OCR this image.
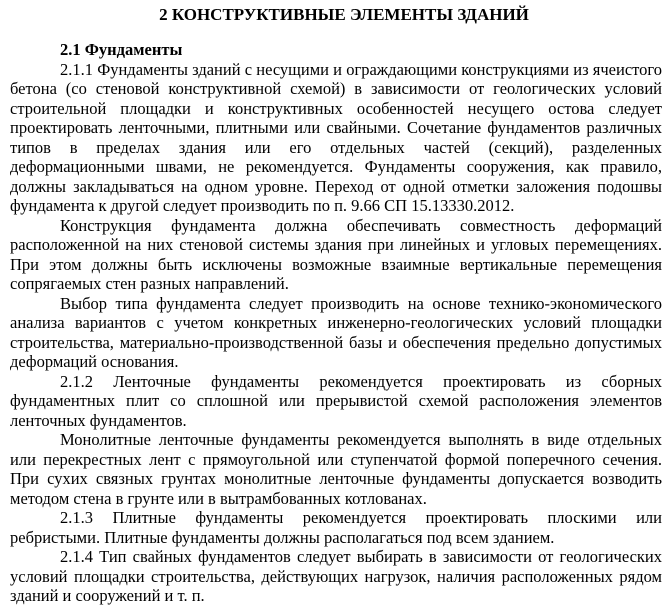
2 КОНСТРУКТИВНЫЕ ЭЛЕМЕНТЫ ЗДАНИЙ
2.1 Фундаменты

2.1.1 Фундаменты зданий с несущими и ограждающими конструкциями из ячеистого бетона (со стеновой конструктивной схемой) в зависимости от геологических условий строительной площадки и конструктивных особенностей несущего остова следует проектировать ленточными, плитными или свайными. Сочетание фундаментов различных типов в пределах здания или его отдельных частей (секций), разделенных деформационными швами, не рекомендуется. Фундаменты сооружения, как правило, должны закладываться на одном уровне. Переход от одной отметки заложения подошвы фундамента к другой следует производить по п. 9.66 СП 15.13330.2012.

Конструкция фундамента должна обеспечивать совместность деформаций расположенной на них стеновой системы здания при линейных и угловых перемещениях. При этом должны быть исключены возможные взаимные вертикальные перемещения сопрягаемых стен разных направлений.

Выбор типа фундамента следует производить на основе технико-экономического анализа вариантов с учетом конкретных инженерно-геологических условий площадки строительства, материально-производственной базы и обеспечения предельно допустимых деформаций основания.

2.1.2 Ленточные фундаменты рекомендуется проектировать из сборных фундаментных плит со сплошной или прерывистой схемой расположения элементов ленточных фундаментов.

Монолитные ленточные фундаменты рекомендуется выполнять в виде отдельных или перекрестных лент с прямоугольной или ступенчатой формой поперечного сечения. При сухих связных грунтах монолитные ленточные фундаменты допускается возводить методом стена в грунте или в вытрамбованных котлованах.

2.1.3 Плитные фундаменты рекомендуется проектировать плоскими или ребристыми. Плитные фундаменты должны располагаться под всем зданием.

2.1.4 Тип свайных фундаментов следует выбирать в зависимости от геологических условий площадки строительства, действующих нагрузок, наличия расположенных рядом зданий и сооружений и т. п.
